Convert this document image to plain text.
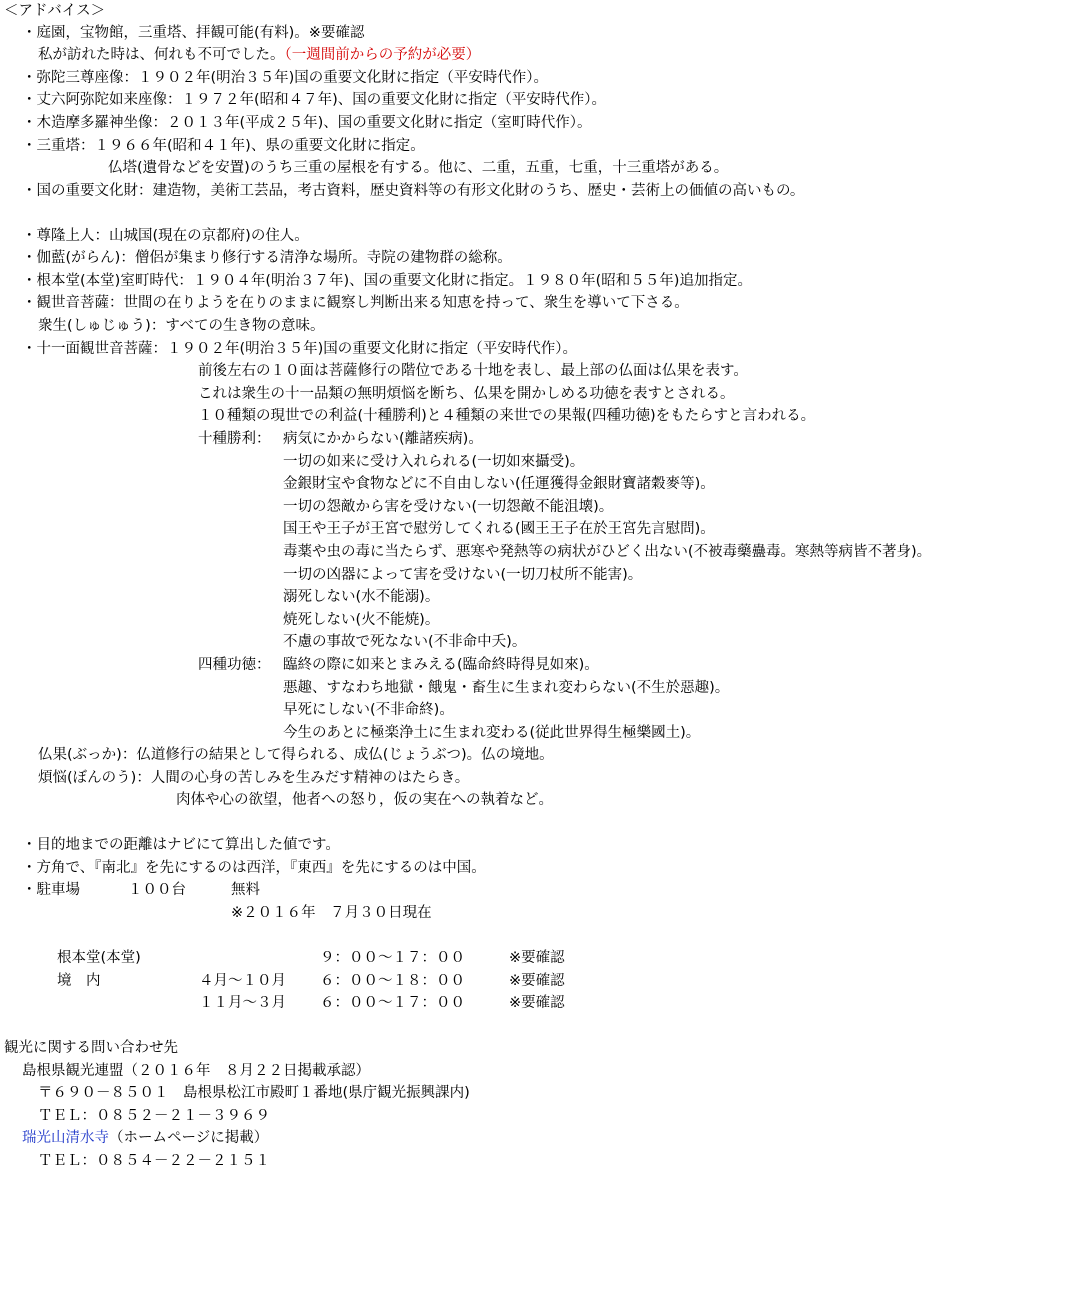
＜アドバイス＞
・庭園，宝物館，三重塔、拝観可能(有料)。※要確認
私が訪れた時は、何れも不可でした。（一週間前からの予約が必要）
・弥陀三尊座像：１９０２年(明治３５年)国の重要文化財に指定（平安時代作）。
・丈六阿弥陀如来座像：１９７２年(昭和４７年)、国の重要文化財に指定（平安時代作）。
・木造摩多羅神坐像：２０１３年(平成２５年)、国の重要文化財に指定（室町時代作）。
・三重塔：１９６６年(昭和４１年)、県の重要文化財に指定。
仏塔(遺骨などを安置)のうち三重の屋根を有する。他に、二重，五重，七重，十三重塔がある。
・国の重要文化財：建造物，美術工芸品，考古資料，歴史資料等の有形文化財のうち、歴史・芸術上の価値の高いもの。
・尊隆上人：山城国(現在の京都府)の住人。
・伽藍(がらん)：僧侶が集まり修行する清浄な場所。寺院の建物群の総称。
・根本堂(本堂)室町時代：１９０４年(明治３７年)、国の重要文化財に指定。１９８０年(昭和５５年)追加指定。
・観世音菩薩：世間の在りようを在りのままに観察し判断出来る知恵を持って、衆生を導いて下さる。
衆生(しゅじゅう)：すべての生き物の意味。
・十一面観世音菩薩：１９０２年(明治３５年)国の重要文化財に指定（平安時代作）。
前後左右の１０面は菩薩修行の階位である十地を表し、最上部の仏面は仏果を表す。
これは衆生の十一品類の無明煩悩を断ち、仏果を開かしめる功徳を表すとされる。
１０種類の現世での利益(十種勝利)と４種類の来世での果報(四種功徳)をもたらすと言われる。
十種勝利： 病気にかからない(離諸疾病)。
一切の如来に受け入れられる(一切如來攝受)。
金銀財宝や食物などに不自由しない(任運獲得金銀財寶諸穀麥等)。
一切の怨敵から害を受けない(一切怨敵不能沮壊)。
国王や王子が王宮で慰労してくれる(國王王子在於王宮先言慰問)。
毒薬や虫の毒に当たらず、悪寒や発熱等の病状がひどく出ない(不被毒藥蠱毒。寒熱等病皆不著身)。
一切の凶器によって害を受けない(一切刀杖所不能害)。
溺死しない(水不能溺)。
焼死しない(火不能焼)。
不慮の事故で死なない(不非命中夭)。
四種功徳： 臨終の際に如来とまみえる(臨命終時得見如來)。
悪趣、すなわち地獄・餓鬼・畜生に生まれ変わらない(不生於惡趣)。
早死にしない(不非命終)。
今生のあとに極楽浄土に生まれ変わる(従此世界得生極樂國土)。
仏果(ぶっか)：仏道修行の結果として得られる、成仏(じょうぶつ)。仏の境地。
煩悩(ぼんのう)：人間の心身の苦しみを生みだす精神のはたらき。
肉体や心の欲望，他者への怒り，仮の実在への執着など。
・目的地までの距離はナビにて算出した値です。
・方角で、『南北』を先にするのは西洋，『東西』を先にするのは中国。
・駐車場	１００台	無料
※２０１６年　７月３０日現在
根本堂(本堂)	９：００～１７：００	※要確認
境　内	４月～１０月 ６：００～１８：００	※要確認
１１月～３月 ６：００～１７：００	※要確認
観光に関する問い合わせ先
島根県観光連盟（２０１６年　８月２２日掲載承認）
〒６９０－８５０１　島根県松江市殿町１番地(県庁観光振興課内)
ＴＥＬ：０８５２－２１－３９６９
瑞光山清水寺（ホームページに掲載）
ＴＥＬ：０８５４－２２－２１５１
